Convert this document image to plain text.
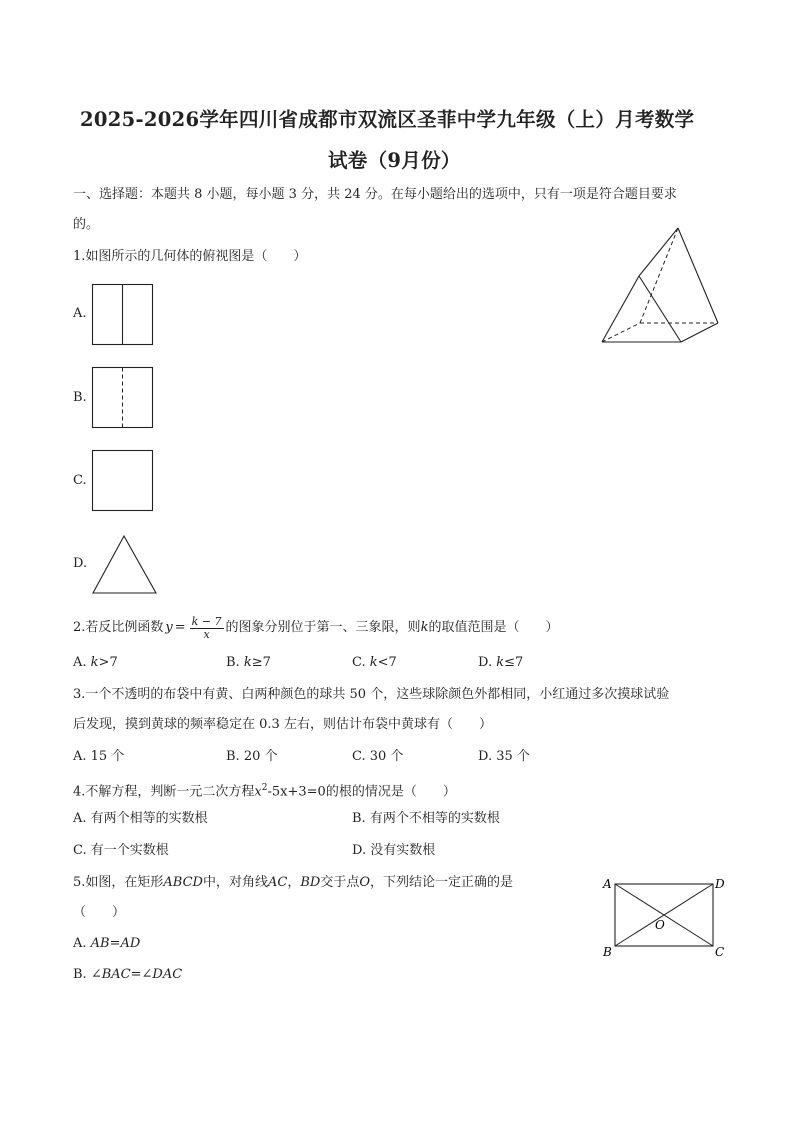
2025-2026学年四川省成都市双流区圣菲中学九年级（上）月考数学
试卷（9月份）
一、选择题：本题共 8 小题，每小题 3 分，共 24 分。在每小题给出的选项中，只有一项是符合题目要求
的。
1.如图所示的几何体的俯视图是（　　）
A.
B.
C.
D.
2.若反比例函数 $y = \frac{k - 7}{x}$ 的图象分别位于第一、三象限，则 k 的取值范围是（　　）
A. k>7	B. k≥7	C. k<7	D. k≤7
3.一个不透明的布袋中有黄、白两种颜色的球共 50 个，这些球除颜色外都相同，小红通过多次摸球试验
后发现，摸到黄球的频率稳定在 0.3 左右，则估计布袋中黄球有（　　）
A. 15 个	B. 20 个	C. 30 个	D. 35 个
4.不解方程，判断一元二次方程$x^2-5x+3=0$的根的情况是（　　）
A. 有两个相等的实数根	B. 有两个不相等的实数根
C. 有一个实数根	D. 没有实数根
5.如图，在矩形ABCD中，对角线AC，BD交于点O，下列结论一定正确的是
（　　）
A. AB=AD
B. ∠BAC=∠DAC
A	D
B	C
O
